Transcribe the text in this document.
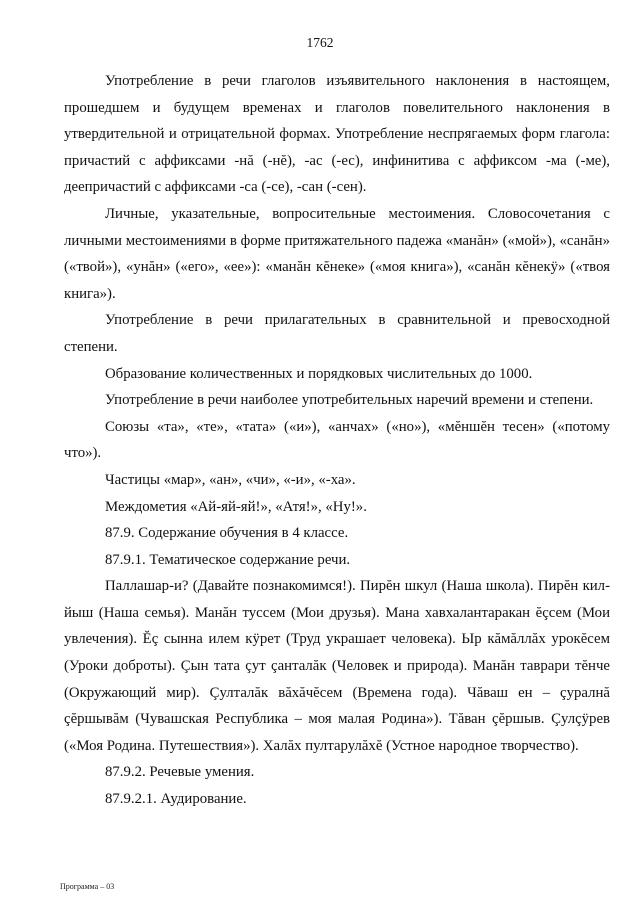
1762

Употребление в речи глаголов изъявительного наклонения в настоящем, прошедшем и будущем временах и глаголов повелительного наклонения в утвердительной и отрицательной формах. Употребление неспрягаемых форм глагола: причастий с аффиксами -нă (-нĕ), -ас (-ес), инфинитива с аффиксом -ма (-ме), деепричастий с аффиксами -са (-се), -сан (-сен).

Личные, указательные, вопросительные местоимения. Словосочетания с личными местоимениями в форме притяжательного падежа «манăн» («мой»), «санăн» («твой»), «унăн» («его», «ее»): «манăн кĕнеке» («моя книга»), «санăн кĕнекÿ» («твоя книга»).

Употребление в речи прилагательных в сравнительной и превосходной степени.

Образование количественных и порядковых числительных до 1000.

Употребление в речи наиболее употребительных наречий времени и степени.

Союзы «та», «те», «тата» («и»), «анчах» («но»), «мĕншĕн тесен» («потому что»).

Частицы «мар», «ан», «чи», «-и», «-ха».

Междометия «Ай-яй-яй!», «Атя!», «Ну!».

87.9. Содержание обучения в 4 классе.

87.9.1. Тематическое содержание речи.

Паллашар-и? (Давайте познакомимся!). Пирĕн шкул (Наша школа). Пирĕн кил-йыш (Наша семья). Манăн туссем (Мои друзья). Мана хавхалантаракан ĕçсем (Мои увлечения). Ĕç сынна илем кÿрет (Труд украшает человека). Ыр кăмăллăх урокĕсем (Уроки доброты). Çын тата çут çанталăк (Человек и природа). Манăн таврари тĕнче (Окружающий мир). Çулталăк вăхăчĕсем (Времена года). Чăваш ен – çуралнă çĕршывăм (Чувашская Республика – моя малая Родина»). Тăван çĕршыв. Çулçÿрев («Моя Родина. Путешествия»). Халăх пултарулăхĕ (Устное народное творчество).

87.9.2. Речевые умения.

87.9.2.1. Аудирование.

Программа – 03
